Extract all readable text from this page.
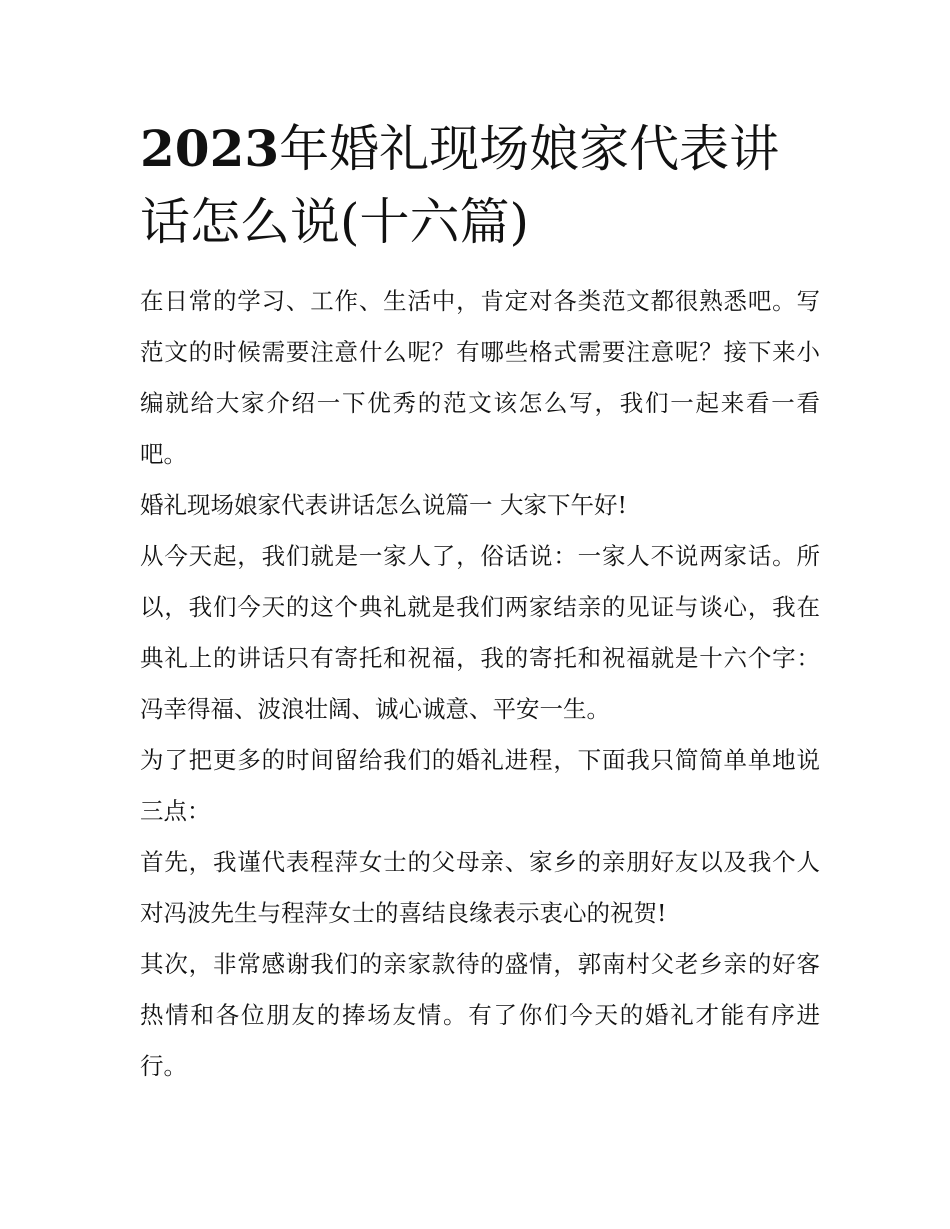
2023年婚礼现场娘家代表讲话怎么说(十六篇)

在日常的学习、工作、生活中，肯定对各类范文都很熟悉吧。写范文的时候需要注意什么呢？有哪些格式需要注意呢？接下来小编就给大家介绍一下优秀的范文该怎么写，我们一起来看一看吧。

婚礼现场娘家代表讲话怎么说篇一 大家下午好!

从今天起，我们就是一家人了，俗话说：一家人不说两家话。所以，我们今天的这个典礼就是我们两家结亲的见证与谈心，我在典礼上的讲话只有寄托和祝福，我的寄托和祝福就是十六个字：冯幸得福、波浪壮阔、诚心诚意、平安一生。

为了把更多的时间留给我们的婚礼进程，下面我只简简单单地说三点：

首先，我谨代表程萍女士的父母亲、家乡的亲朋好友以及我个人对冯波先生与程萍女士的喜结良缘表示衷心的祝贺!

其次，非常感谢我们的亲家款待的盛情，郭南村父老乡亲的好客热情和各位朋友的捧场友情。有了你们今天的婚礼才能有序进行。
